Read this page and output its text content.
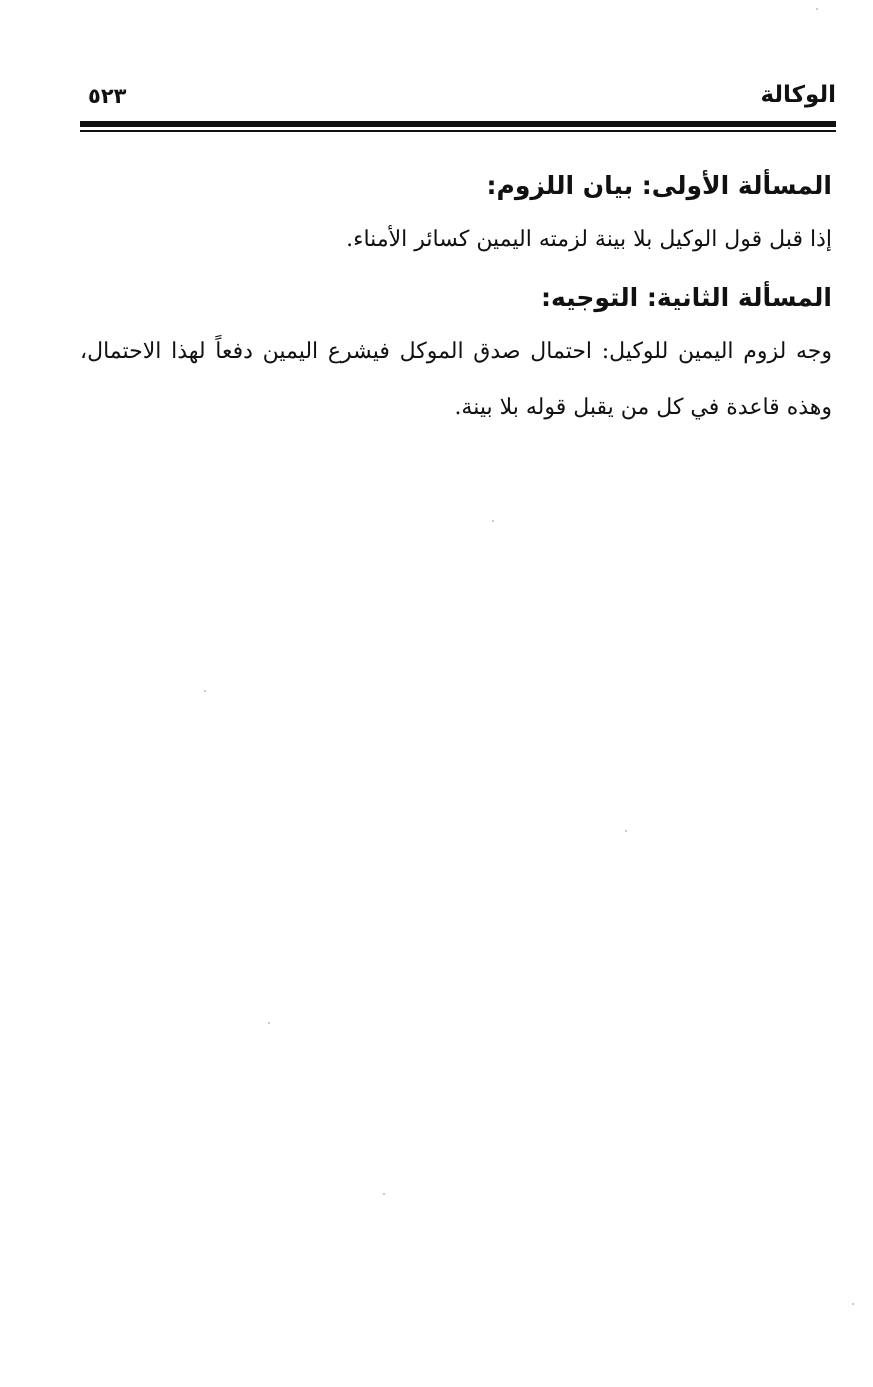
الوكالة
٥٢٣

المسألة الأولى: بيان اللزوم:

إذا قبل قول الوكيل بلا بينة لزمته اليمين كسائر الأمناء.

المسألة الثانية: التوجيه:

وجه لزوم اليمين للوكيل: احتمال صدق الموكل فيشرع اليمين دفعاً لهذا الاحتمال، وهذه قاعدة في كل من يقبل قوله بلا بينة.
